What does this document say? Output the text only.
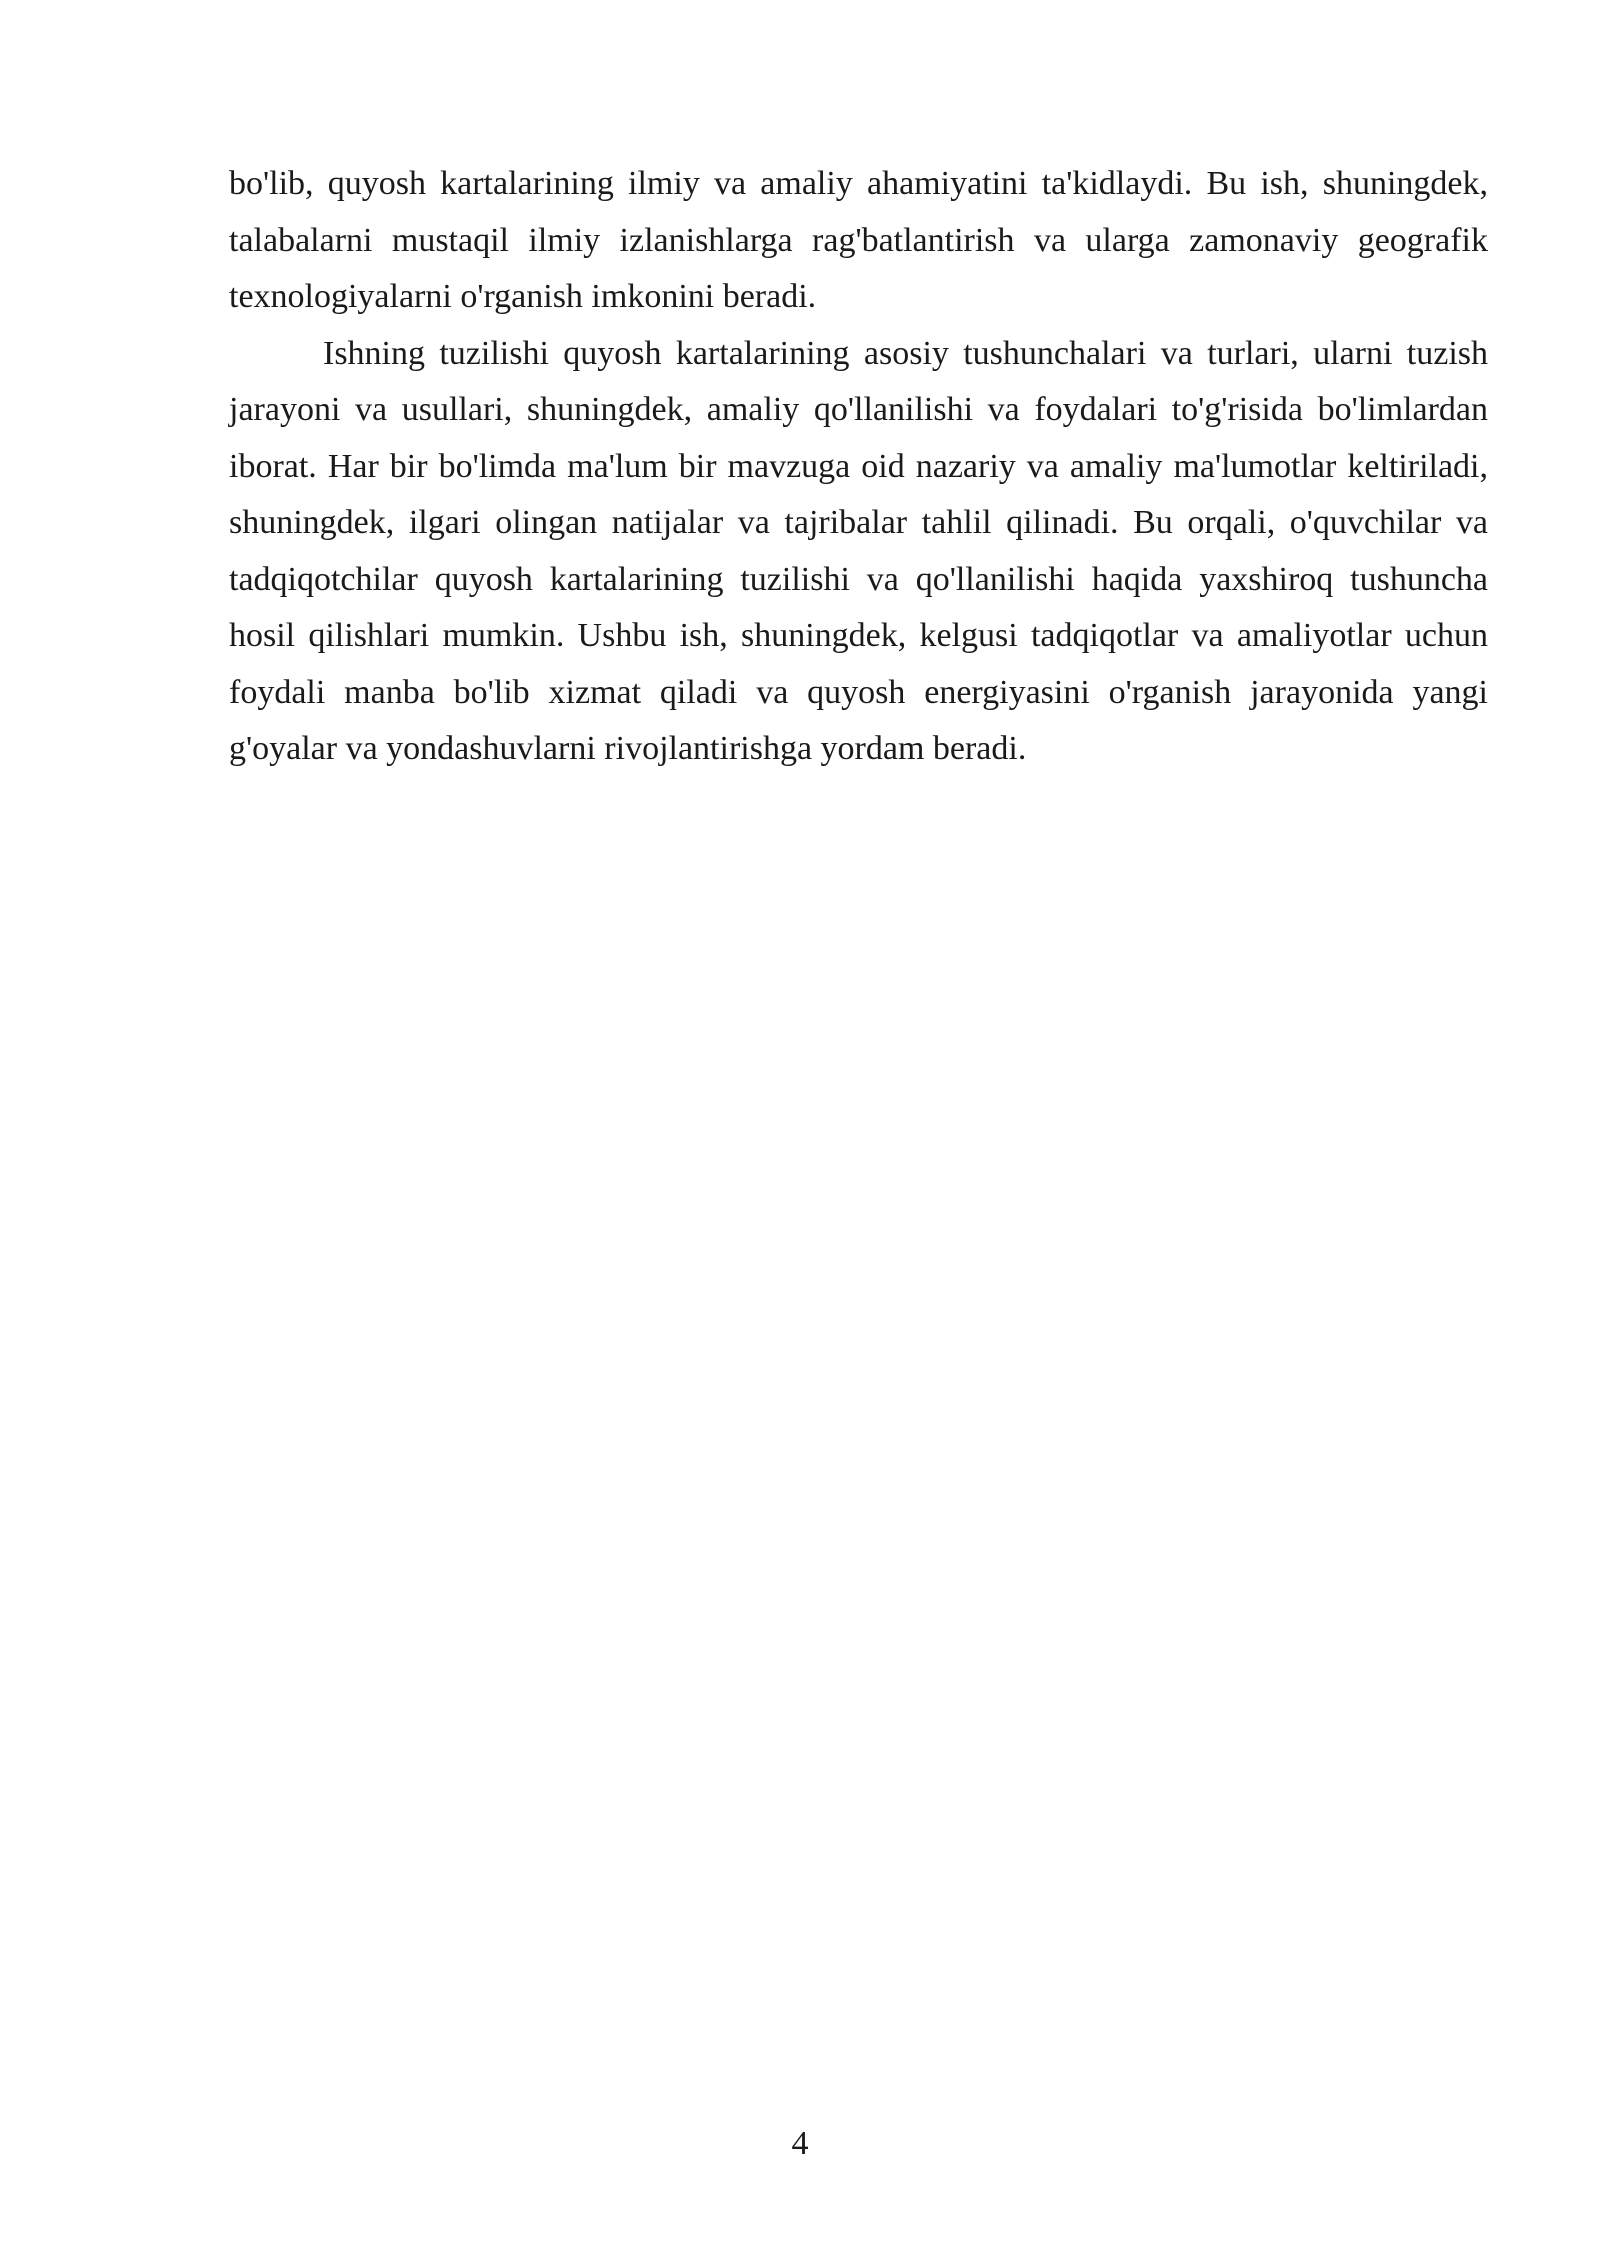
bo'lib, quyosh kartalarining ilmiy va amaliy ahamiyatini ta'kidlaydi. Bu ish, shuningdek, talabalarni mustaqil ilmiy izlanishlarga rag'batlantirish va ularga zamonaviy geografik texnologiyalarni o'rganish imkonini beradi.

Ishning tuzilishi quyosh kartalarining asosiy tushunchalari va turlari, ularni tuzish jarayoni va usullari, shuningdek, amaliy qo'llanilishi va foydalari to'g'risida bo'limlardan iborat. Har bir bo'limda ma'lum bir mavzuga oid nazariy va amaliy ma'lumotlar keltiriladi, shuningdek, ilgari olingan natijalar va tajribalar tahlil qilinadi. Bu orqali, o'quvchilar va tadqiqotchilar quyosh kartalarining tuzilishi va qo'llanilishi haqida yaxshiroq tushuncha hosil qilishlari mumkin. Ushbu ish, shuningdek, kelgusi tadqiqotlar va amaliyotlar uchun foydali manba bo'lib xizmat qiladi va quyosh energiyasini o'rganish jarayonida yangi g'oyalar va yondashuvlarni rivojlantirishga yordam beradi.

4
